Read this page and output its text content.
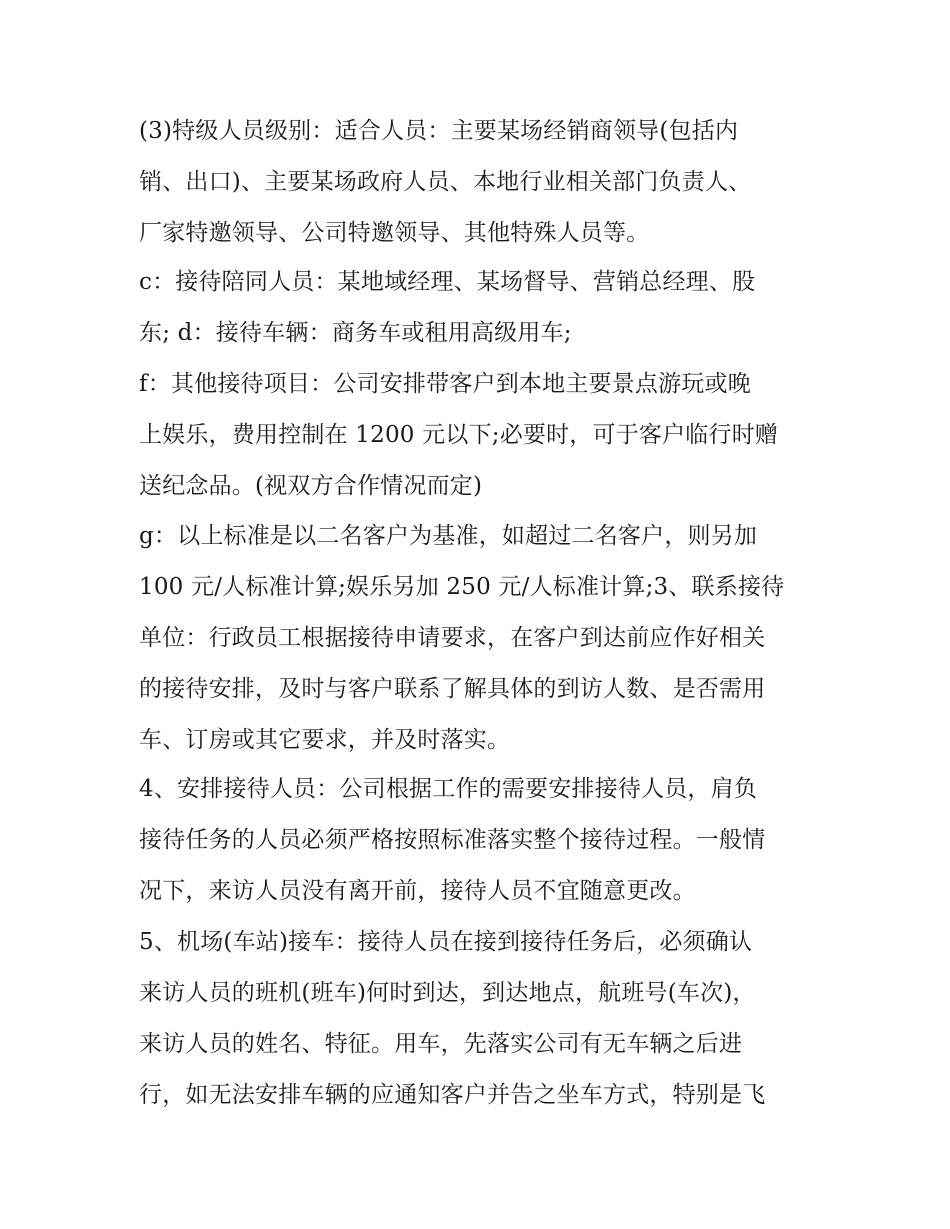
(3)特级人员级别：适合人员：主要某场经销商领导(包括内
销、出口)、主要某场政府人员、本地行业相关部门负责人、
厂家特邀领导、公司特邀领导、其他特殊人员等。
c：接待陪同人员：某地域经理、某场督导、营销总经理、股
东; d：接待车辆：商务车或租用高级用车;
f：其他接待项目：公司安排带客户到本地主要景点游玩或晚
上娱乐，费用控制在 1200 元以下;必要时，可于客户临行时赠
送纪念品。(视双方合作情况而定)
g：以上标准是以二名客户为基准，如超过二名客户，则另加
100 元/人标准计算;娱乐另加 250 元/人标准计算;3、联系接待
单位：行政员工根据接待申请要求，在客户到达前应作好相关
的接待安排，及时与客户联系了解具体的到访人数、是否需用
车、订房或其它要求，并及时落实。
4、安排接待人员：公司根据工作的需要安排接待人员，肩负
接待任务的人员必须严格按照标准落实整个接待过程。一般情
况下，来访人员没有离开前，接待人员不宜随意更改。
5、机场(车站)接车：接待人员在接到接待任务后，必须确认
来访人员的班机(班车)何时到达，到达地点，航班号(车次)，
来访人员的姓名、特征。用车，先落实公司有无车辆之后进
行，如无法安排车辆的应通知客户并告之坐车方式，特别是飞
